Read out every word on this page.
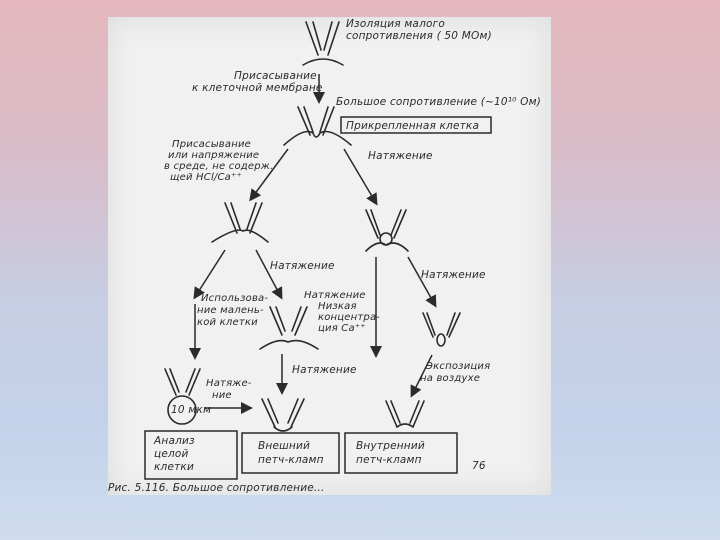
10 мкм
Изоляция малого
сопротивления ( 50 МОм)
Присасывание
к клеточной мембране
Большое сопротивление (~10¹⁰ Ом)
Прикрепленная клетка
Присасывание
или напряжение
в среде, не содерж.
щей НCl/Ca⁺⁺
Натяжение
Натяжение
Натяжение
Использова-
ние малень-
кой клетки
Натяжение
Низкая
концентра-
ция Са⁺⁺
Натяжение	Экспозиция
на воздухе
Натяже-
ние
Анализ
целой
клетки
Внешний
петч-кламп
Внутренний
петч-кламп	76
Рис. 5.116. Большое сопротивление...
